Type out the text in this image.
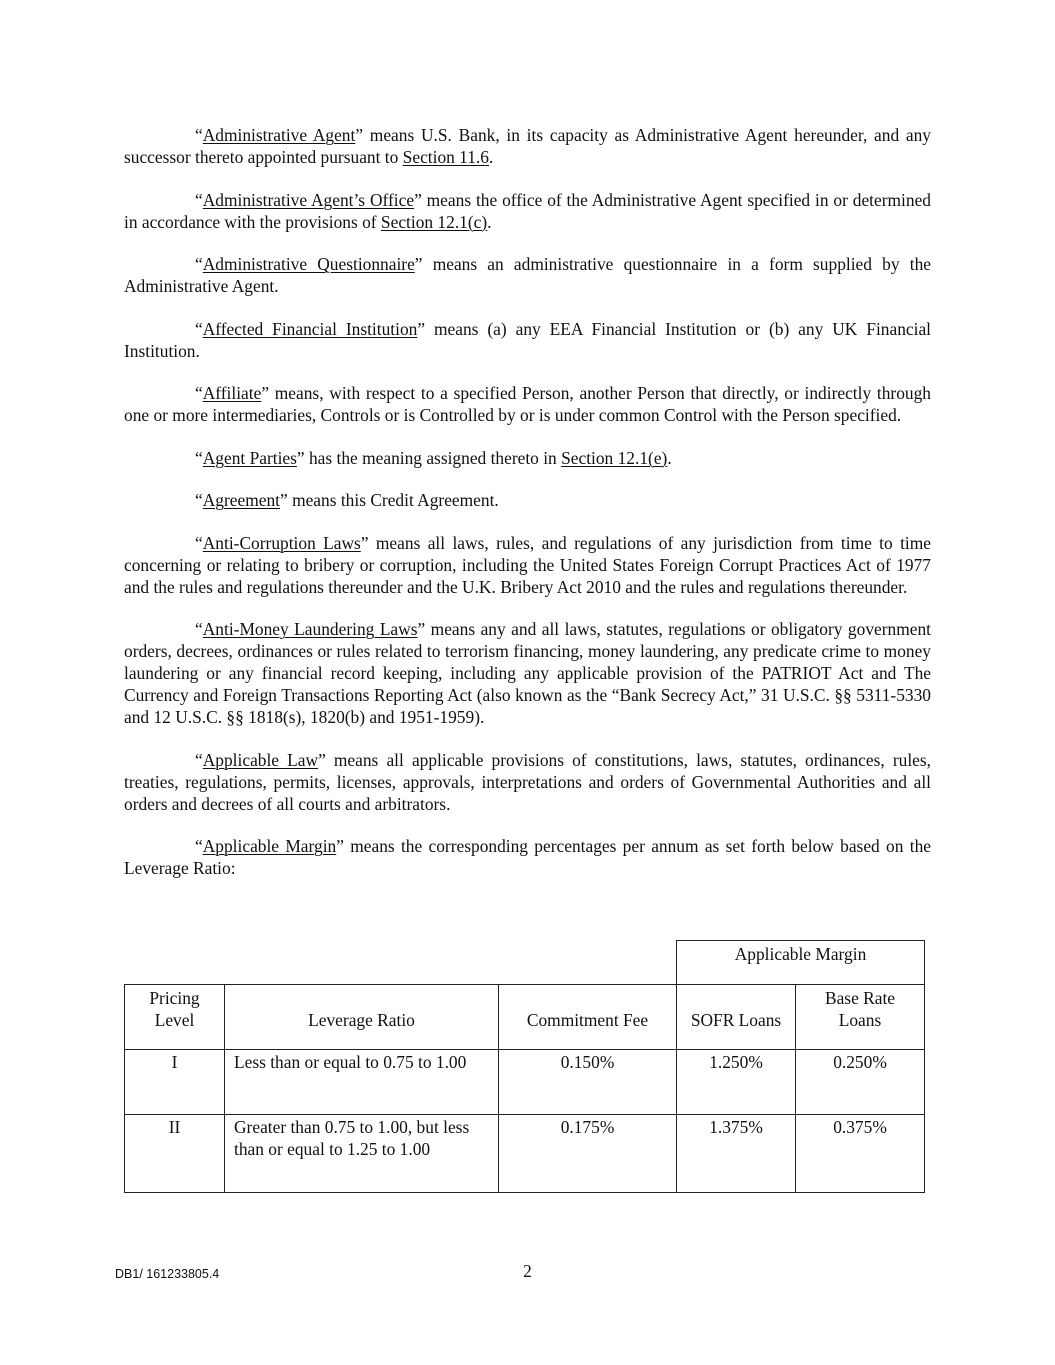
“Administrative Agent” means U.S. Bank, in its capacity as Administrative Agent hereunder, and any successor thereto appointed pursuant to Section 11.6.

“Administrative Agent’s Office” means the office of the Administrative Agent specified in or determined in accordance with the provisions of Section 12.1(c).

“Administrative Questionnaire” means an administrative questionnaire in a form supplied by the Administrative Agent.

“Affected Financial Institution” means (a) any EEA Financial Institution or (b) any UK Financial Institution.

“Affiliate” means, with respect to a specified Person, another Person that directly, or indirectly through one or more intermediaries, Controls or is Controlled by or is under common Control with the Person specified.

“Agent Parties” has the meaning assigned thereto in Section 12.1(e).

“Agreement” means this Credit Agreement.

“Anti-Corruption Laws” means all laws, rules, and regulations of any jurisdiction from time to time concerning or relating to bribery or corruption, including the United States Foreign Corrupt Practices Act of 1977 and the rules and regulations thereunder and the U.K. Bribery Act 2010 and the rules and regulations thereunder.

“Anti-Money Laundering Laws” means any and all laws, statutes, regulations or obligatory government orders, decrees, ordinances or rules related to terrorism financing, money laundering, any predicate crime to money laundering or any financial record keeping, including any applicable provision of the PATRIOT Act and The Currency and Foreign Transactions Reporting Act (also known as the “Bank Secrecy Act,” 31 U.S.C. §§ 5311-5330 and 12 U.S.C. §§ 1818(s), 1820(b) and 1951-1959).

“Applicable Law” means all applicable provisions of constitutions, laws, statutes, ordinances, rules, treaties, regulations, permits, licenses, approvals, interpretations and orders of Governmental Authorities and all orders and decrees of all courts and arbitrators.

“Applicable Margin” means the corresponding percentages per annum as set forth below based on the Leverage Ratio:

			Applicable Margin	

Pricing Level	Leverage Ratio	Commitment Fee	SOFR Loans	Base Rate Loans

I	Less than or equal to 0.75 to 1.00	0.150%	1.250%	0.250%
II	Greater than 0.75 to 1.00, but less than or equal to 1.25 to 1.00	0.175%	1.375%	0.375%
DB1/ 161233805.4	2
